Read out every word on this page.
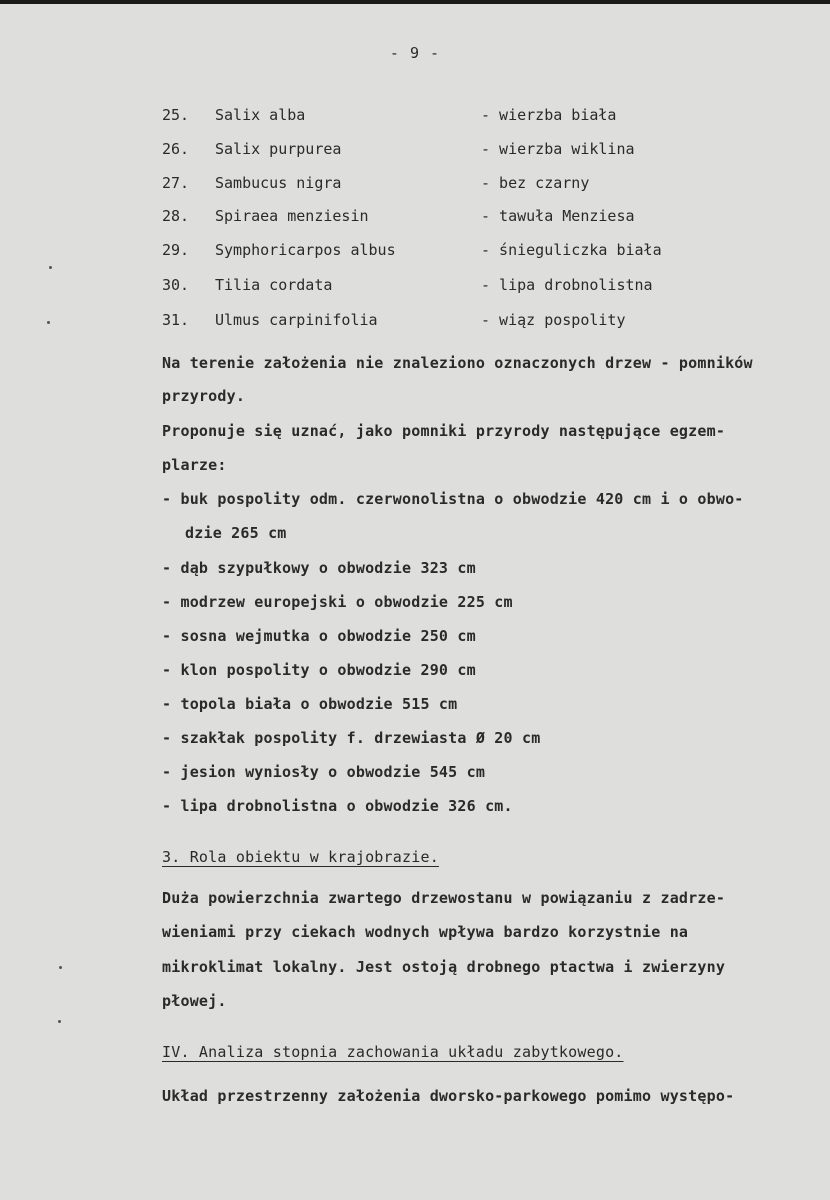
- 9 -
25. Salix alba	- wierzba biała
26. Salix purpurea	- wierzba wiklina
27. Sambucus nigra	- bez czarny
28. Spiraea menziesin	- tawuła Menziesa
29. Symphoricarpos albus	- śnieguliczka biała
30. Tilia cordata	- lipa drobnolistna
31. Ulmus carpinifolia	- wiąz pospolity
Na terenie założenia nie znaleziono oznaczonych drzew - pomników
przyrody.
Proponuje się uznać, jako pomniki przyrody następujące egzem-
plarze:
- buk pospolity odm. czerwonolistna o obwodzie 420 cm i o obwo-
dzie 265 cm
- dąb szypułkowy o obwodzie 323 cm
- modrzew europejski o obwodzie 225 cm
- sosna wejmutka o obwodzie 250 cm
- klon pospolity o obwodzie 290 cm
- topola biała o obwodzie 515 cm
- szakłak pospolity f. drzewiasta Ø 20 cm
- jesion wyniosły o obwodzie 545 cm
- lipa drobnolistna o obwodzie 326 cm.
3. Rola obiektu w krajobrazie.
Duża powierzchnia zwartego drzewostanu w powiązaniu z zadrze-
wieniami przy ciekach wodnych wpływa bardzo korzystnie na
mikroklimat lokalny. Jest ostoją drobnego ptactwa i zwierzyny
płowej.
IV. Analiza stopnia zachowania układu zabytkowego.
Układ przestrzenny założenia dworsko-parkowego pomimo występo-
